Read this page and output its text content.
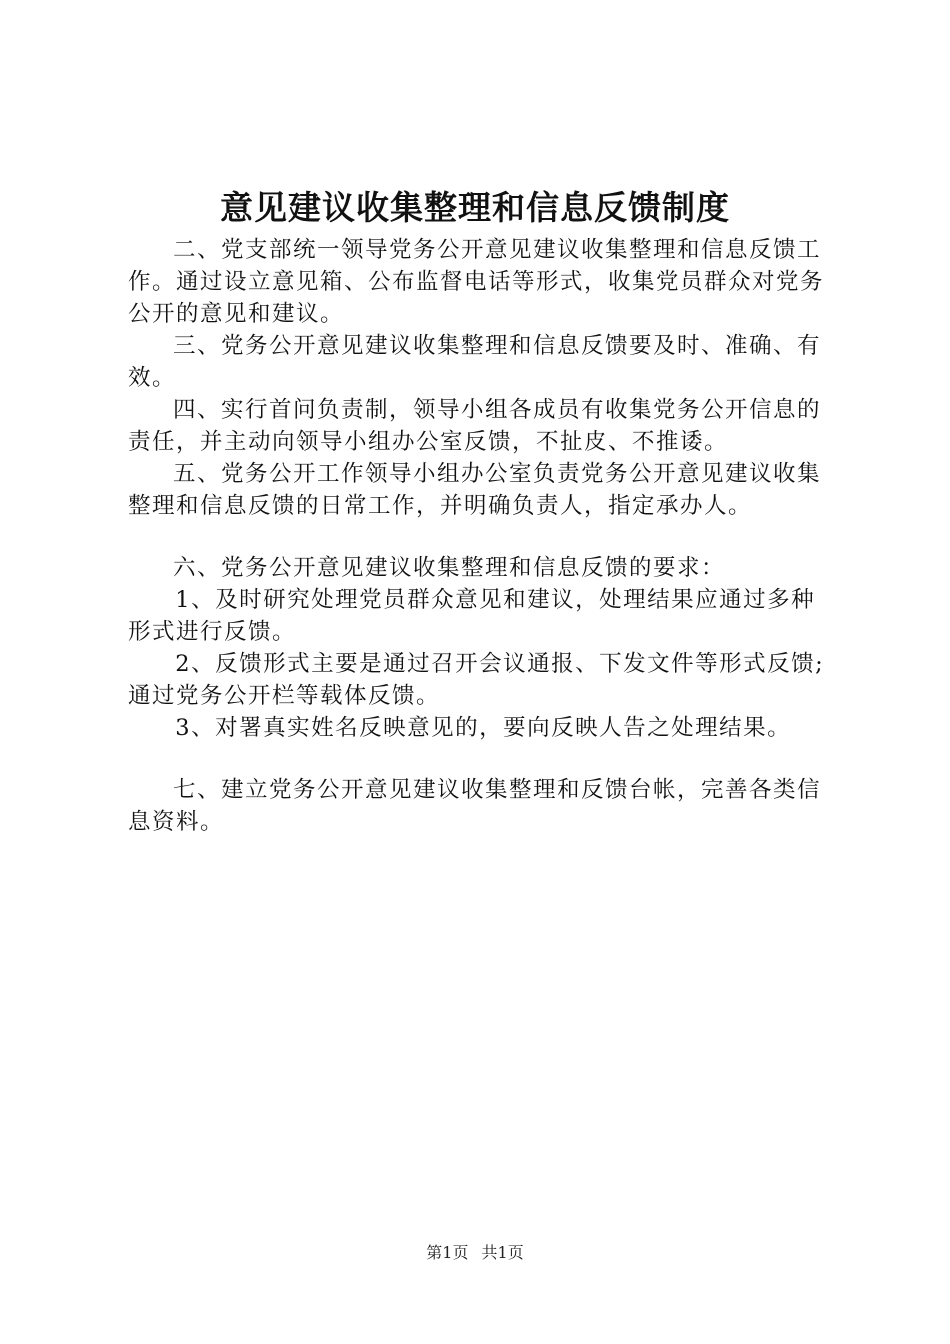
意见建议收集整理和信息反馈制度

二、党支部统一领导党务公开意见建议收集整理和信息反馈工作。通过设立意见箱、公布监督电话等形式，收集党员群众对党务公开的意见和建议。

三、党务公开意见建议收集整理和信息反馈要及时、准确、有效。

四、实行首问负责制，领导小组各成员有收集党务公开信息的责任，并主动向领导小组办公室反馈，不扯皮、不推诿。

五、党务公开工作领导小组办公室负责党务公开意见建议收集整理和信息反馈的日常工作，并明确负责人，指定承办人。

六、党务公开意见建议收集整理和信息反馈的要求：

1、及时研究处理党员群众意见和建议，处理结果应通过多种形式进行反馈。

2、反馈形式主要是通过召开会议通报、下发文件等形式反馈;通过党务公开栏等载体反馈。

3、对署真实姓名反映意见的，要向反映人告之处理结果。

七、建立党务公开意见建议收集整理和反馈台帐，完善各类信息资料。

第1页 共1页
